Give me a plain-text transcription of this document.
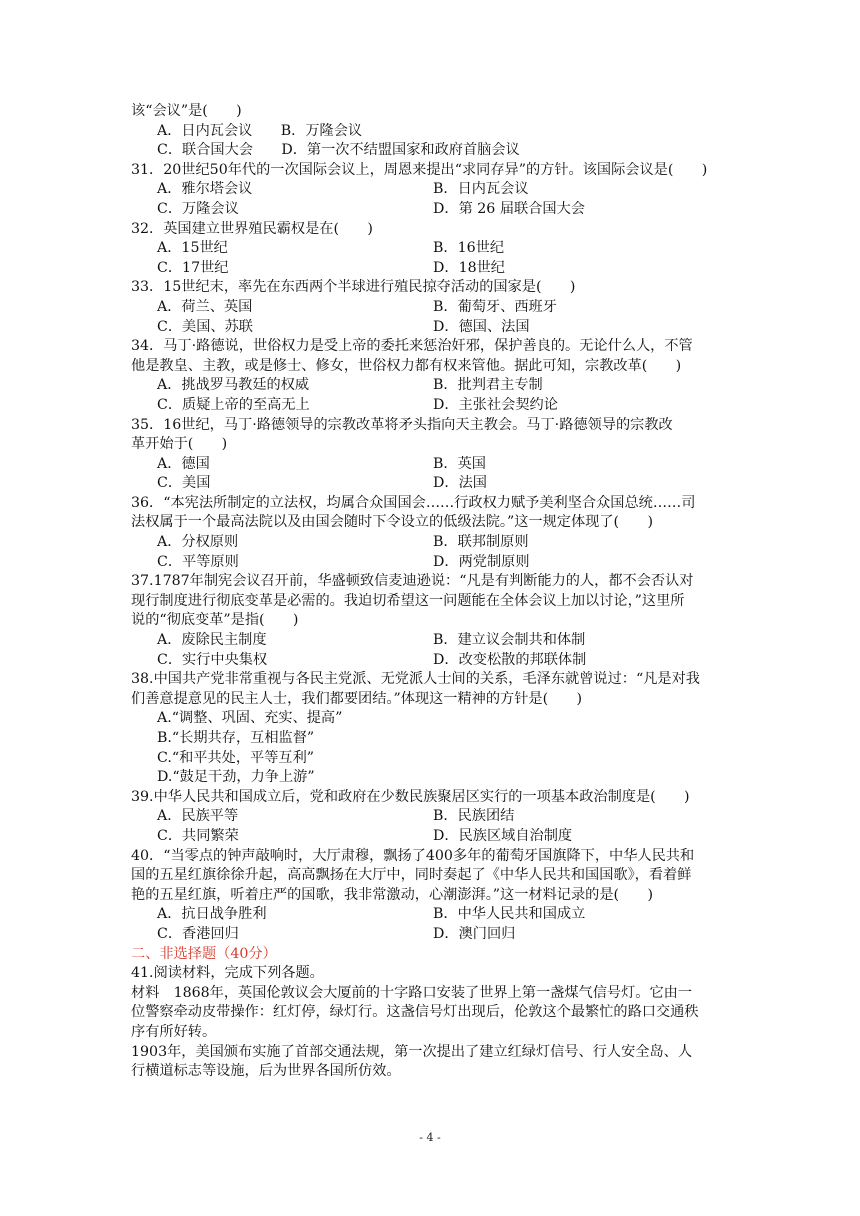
该“会议”是(　　)
A．日内瓦会议　　B．万隆会议
C．联合国大会　　D．第一次不结盟国家和政府首脑会议
31．20世纪50年代的一次国际会议上，周恩来提出“求同存异”的方针。该国际会议是(　　)
A．雅尔塔会议	B．日内瓦会议
C．万隆会议	D．第 26 届联合国大会
32．英国建立世界殖民霸权是在(　　)
A．15世纪	B．16世纪
C．17世纪	D．18世纪
33．15世纪末，率先在东西两个半球进行殖民掠夺活动的国家是(　　)
A．荷兰、英国	B．葡萄牙、西班牙
C．美国、苏联	D．德国、法国
34．马丁·路德说，世俗权力是受上帝的委托来惩治奸邪，保护善良的。无论什么人，不管
他是教皇、主教，或是修士、修女，世俗权力都有权来管他。据此可知，宗教改革(　　)
A．挑战罗马教廷的权威	B．批判君主专制
C．质疑上帝的至高无上	D．主张社会契约论
35．16世纪，马丁·路德领导的宗教改革将矛头指向天主教会。马丁·路德领导的宗教改
革开始于(　　)
A．德国	B．英国
C．美国	D．法国
36．“本宪法所制定的立法权，均属合众国国会……行政权力赋予美利坚合众国总统……司
法权属于一个最高法院以及由国会随时下令设立的低级法院。”这一规定体现了(　　)
A．分权原则	B．联邦制原则
C．平等原则	D．两党制原则
37.1787年制宪会议召开前，华盛顿致信麦迪逊说：“凡是有判断能力的人，都不会否认对
现行制度进行彻底变革是必需的。我迫切希望这一问题能在全体会议上加以讨论，”这里所
说的“彻底变革”是指(　　)
A．废除民主制度	B．建立议会制共和体制
C．实行中央集权	D．改变松散的邦联体制
38.中国共产党非常重视与各民主党派、无党派人士间的关系，毛泽东就曾说过：“凡是对我
们善意提意见的民主人士，我们都要团结。”体现这一精神的方针是(　　)
A.“调整、巩固、充实、提高”
B.“长期共存，互相监督”
C.“和平共处，平等互利”
D.“鼓足干劲，力争上游”
39.中华人民共和国成立后，党和政府在少数民族聚居区实行的一项基本政治制度是(　　)
A．民族平等	B．民族团结
C．共同繁荣	D．民族区域自治制度
40．“当零点的钟声敲响时，大厅肃穆，飘扬了400多年的葡萄牙国旗降下，中华人民共和
国的五星红旗徐徐升起，高高飘扬在大厅中，同时奏起了《中华人民共和国国歌》，看着鲜
艳的五星红旗，听着庄严的国歌，我非常激动，心潮澎湃。”这一材料记录的是(　　)
A．抗日战争胜利	B．中华人民共和国成立
C．香港回归	D．澳门回归
二、非选择题（40分）
41.阅读材料，完成下列各题。
材料　1868年，英国伦敦议会大厦前的十字路口安装了世界上第一盏煤气信号灯。它由一
位警察牵动皮带操作：红灯停，绿灯行。这盏信号灯出现后，伦敦这个最繁忙的路口交通秩
序有所好转。
1903年，美国颁布实施了首部交通法规，第一次提出了建立红绿灯信号、行人安全岛、人
行横道标志等设施，后为世界各国所仿效。
- 4 -
